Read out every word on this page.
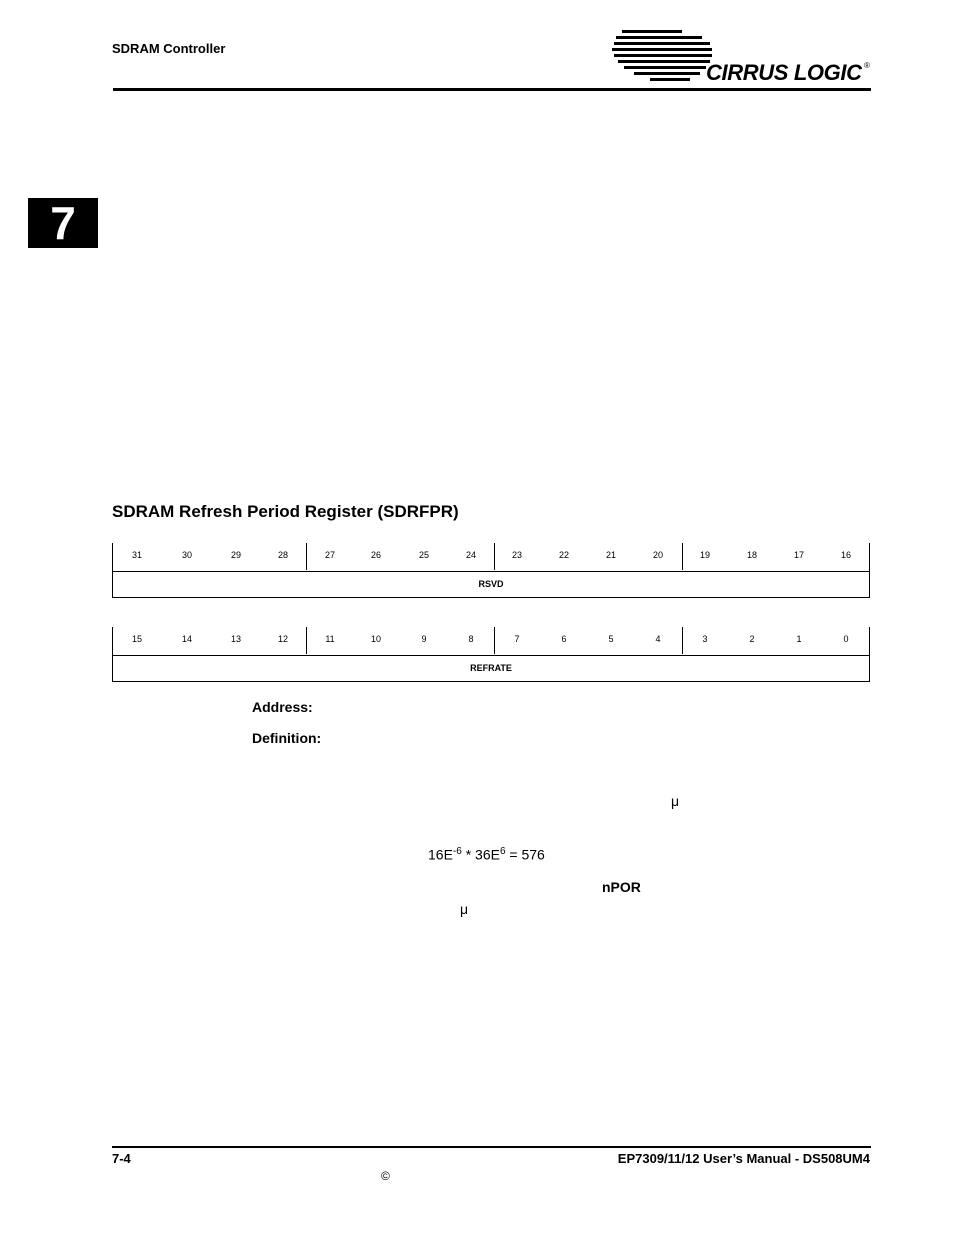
SDRAM Controller
CIRRUS LOGIC ®
7
SDRAM Refresh Period Register (SDRFPR)
31	30	29	28	27	26	25	24	23	22	21	20	19	18	17	16
RSVD
15	14	13	12	11	10	9	8	7	6	5	4	3	2	1	0
REFRATE
Address:
Definition:
μ
$16E^{-6} * 36E^6 = 576$
nPOR
μ
7-4	EP7309/11/12 User’s Manual - DS508UM4
©
